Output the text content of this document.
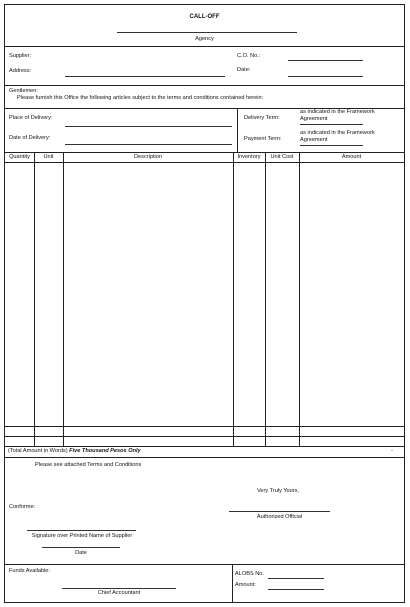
CALL-OFF
Agency
Supplier:
Address:
C.O. No.:
Date:
Gentlemen:
Please furnish this Office the following articles subject to the terms and conditions contained herein:
Place of Delivery:
Date of Delivery:
Delivery Term:
as indicated in the Framework Agreement
Payment Term:
as indicated in the Framework Agreement
Quantity	Unit	Description	Inventory	Unit Cost	Amount
(Total Amount in Words) Five Thousand Pesos Only	-
Please see attached Terms and Conditions
Very Truly Yours,
Conforme:
Authorized Official
Signature over Printed Name of Supplier
Date
Funds Available:
Chief Accountant
ALOBS No.
Amount:
